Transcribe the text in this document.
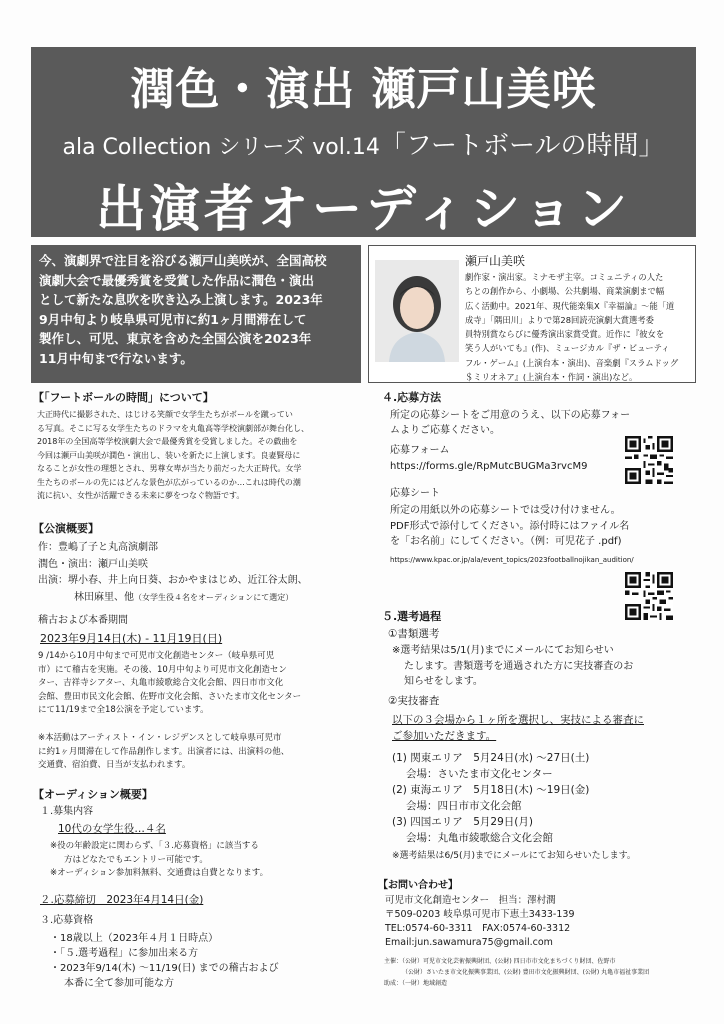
潤色・演出 瀬戸山美咲
ala Collection シリーズ vol.14「フートボールの時間」
出演者オーディション
今、演劇界で注目を浴びる瀬戸山美咲が、全国高校
演劇大会で最優秀賞を受賞した作品に潤色・演出
として新たな息吹を吹き込み上演します。2023年
9月中旬より岐阜県可児市に約1ヶ月間滞在して
製作し、可児、東京を含めた全国公演を2023年
11月中旬まで行ないます。
瀬戸山美咲
劇作家・演出家。ミナモザ主宰。コミュニティの人た
ちとの創作から、小劇場、公共劇場、商業演劇まで幅
広く活動中。2021年、現代能楽集Ⅹ『幸福論』～能「道
成寺」「隅田川」よりで第28回読売演劇大賞選考委
員特別賞ならびに優秀演出家賞受賞。近作に『彼女を
笑う人がいても』(作)、ミュージカル『ザ・ビューティ
フル・ゲーム』(上演台本・演出)、音楽劇『スラムドッグ
＄ミリオネア』(上演台本・作詞・演出)など。
【「フートボールの時間」について】
大正時代に撮影された、はじける笑顔で女学生たちがボールを蹴ってい
る写真。そこに写る女学生たちのドラマを丸亀高等学校演劇部が舞台化し、
2018年の全国高等学校演劇大会で最優秀賞を受賞しました。その戯曲を
今回は瀬戸山美咲が潤色・演出し、装いを新たに上演します。良妻賢母に
なることが女性の理想とされ、男尊女卑が当たり前だった大正時代。女学
生たちのボールの先にはどんな景色が広がっているのか…これは時代の潮
流に抗い、女性が活躍できる未来に夢をつなぐ物語です。
【公演概要】
作：豊嶋了子と丸高演劇部
潤色・演出：瀬戸山美咲
出演：堺小春、井上向日葵、おかやまはじめ、近江谷太朗、
林田麻里、他（女学生役４名をオーディションにて選定）
稽古および本番期間
2023年9月14日(木) - 11月19日(日)
9 /14から10月中旬まで可児市文化創造センター（岐阜県可児
市）にて稽古を実施。その後、10月中旬より可児市文化創造セン
ター、吉祥寺シアター、丸亀市綾歌総合文化会館、四日市市文化
会館、豊田市民文化会館、佐野市文化会館、さいたま市文化センター
にて11/19まで全18公演を予定しています。
※本活動はアーティスト・イン・レジデンスとして岐阜県可児市
に約1ヶ月間滞在して作品創作します。出演者には、出演料の他、
交通費、宿泊費、日当が支払われます。
【オーディション概要】
１.募集内容
10代の女学生役…４名
※役の年齢設定に関わらず、「３.応募資格」に該当する
方はどなたでもエントリー可能です。
※オーディション参加料無料、交通費は自費となります。
２.応募締切　2023年4月14日(金)
３.応募資格
・18歳以上（2023年４月１日時点）
・「５.選考過程」に参加出来る方
・2023年9/14(木) ～11/19(日) までの稽古および
本番に全て参加可能な方
４.応募方法
所定の応募シートをご用意のうえ、以下の応募フォー
ムよりご応募ください。
応募フォーム
https://forms.gle/RpMutcBUGMa3rvcM9
応募シート
所定の用紙以外の応募シートでは受け付けません。
PDF形式で添付してください。添付時にはファイル名
を「お名前」にしてください。（例：可児花子 .pdf)
https://www.kpac.or.jp/ala/event_topics/2023footballnojikan_audition/
５.選考過程
①書類選考
※選考結果は5/1(月)までにメールにてお知らせい
たします。書類選考を通過された方に実技審査のお
知らせをします。
②実技審査
以下の３会場から１ヶ所を選択し、実技による審査に
ご参加いただきます。
(1) 関東エリア　5月24日(水) ～27日(土)
会場：さいたま市文化センター
(2) 東海エリア　5月18日(木) ～19日(金)
会場：四日市市文化会館
(3) 四国エリア　5月29日(月)
会場：丸亀市綾歌総合文化会館
※選考結果は6/5(月)までにメールにてお知らせいたします。
【お問い合わせ】
可児市文化創造センター　担当：澤村潤
〒509-0203 岐阜県可児市下恵土3433-139
TEL:0574-60-3311　FAX:0574-60-3312
Email:jun.sawamura75@gmail.com
主催：（公財）可児市文化芸術振興財団、(公財) 四日市市文化まちづくり財団、佐野市
（公財）さいたま市文化振興事業団、(公財) 豊田市文化振興財団、(公財) 丸亀市福祉事業団
助成：（一財）地域創造
